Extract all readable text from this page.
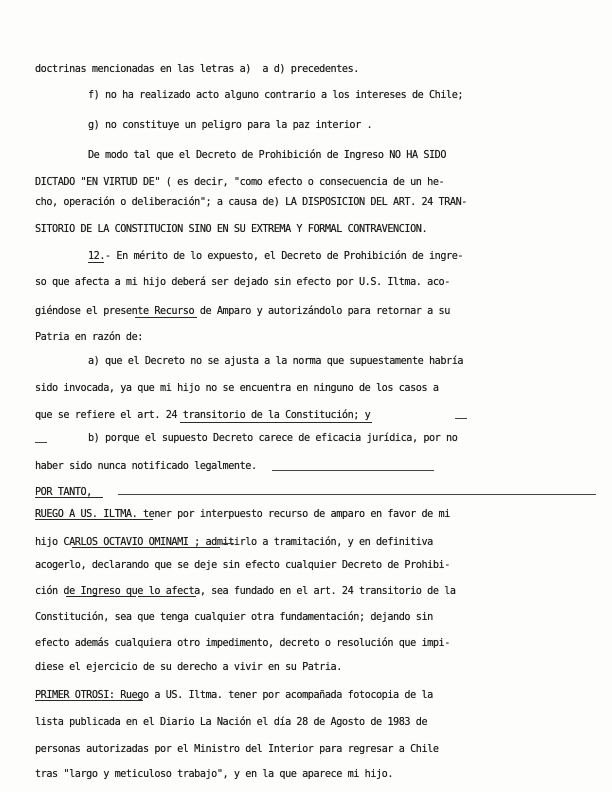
doctrinas mencionadas en las letras a)  a d) precedentes.
f) no ha realizado acto alguno contrario a los intereses de Chile;
g) no constituye un peligro para la paz interior .
De modo tal que el Decreto de Prohibición de Ingreso NO HA SIDO
DICTADO "EN VIRTUD DE" ( es decir, "como efecto o consecuencia de un he-
cho, operación o deliberación"; a causa de) LA DISPOSICION DEL ART. 24 TRAN-
SITORIO DE LA CONSTITUCION SINO EN SU EXTREMA Y FORMAL CONTRAVENCION.
12.- En mérito de lo expuesto, el Decreto de Prohibición de ingre-
so que afecta a mi hijo deberá ser dejado sin efecto por U.S. Iltma. aco-
giéndose el presente Recurso de Amparo y autorizándolo para retornar a su
Patria en razón de:
a) que el Decreto no se ajusta a la norma que supuestamente habría
sido invocada, ya que mi hijo no se encuentra en ninguno de los casos a
que se refiere el art. 24 transitorio de la Constitución; y
b) porque el supuesto Decreto carece de eficacia jurídica, por no
haber sido nunca notificado legalmente.
POR TANTO,
RUEGO A US. ILTMA. tener por interpuesto recurso de amparo en favor de mi
hijo CARLOS OCTAVIO OMINAMI ; admitirlo a tramitación, y en definitiva
acogerlo, declarando que se deje sin efecto cualquier Decreto de Prohibi-
ción de Ingreso que lo afecta, sea fundado en el art. 24 transitorio de la
Constitución, sea que tenga cualquier otra fundamentación; dejando sin
efecto además cualquiera otro impedimento, decreto o resolución que impi-
diese el ejercicio de su derecho a vivir en su Patria.
PRIMER OTROSI: Ruego a US. Iltma. tener por acompañada fotocopia de la
lista publicada en el Diario La Nación el día 28 de Agosto de 1983 de
personas autorizadas por el Ministro del Interior para regresar a Chile
tras "largo y meticuloso trabajo", y en la que aparece mi hijo.
